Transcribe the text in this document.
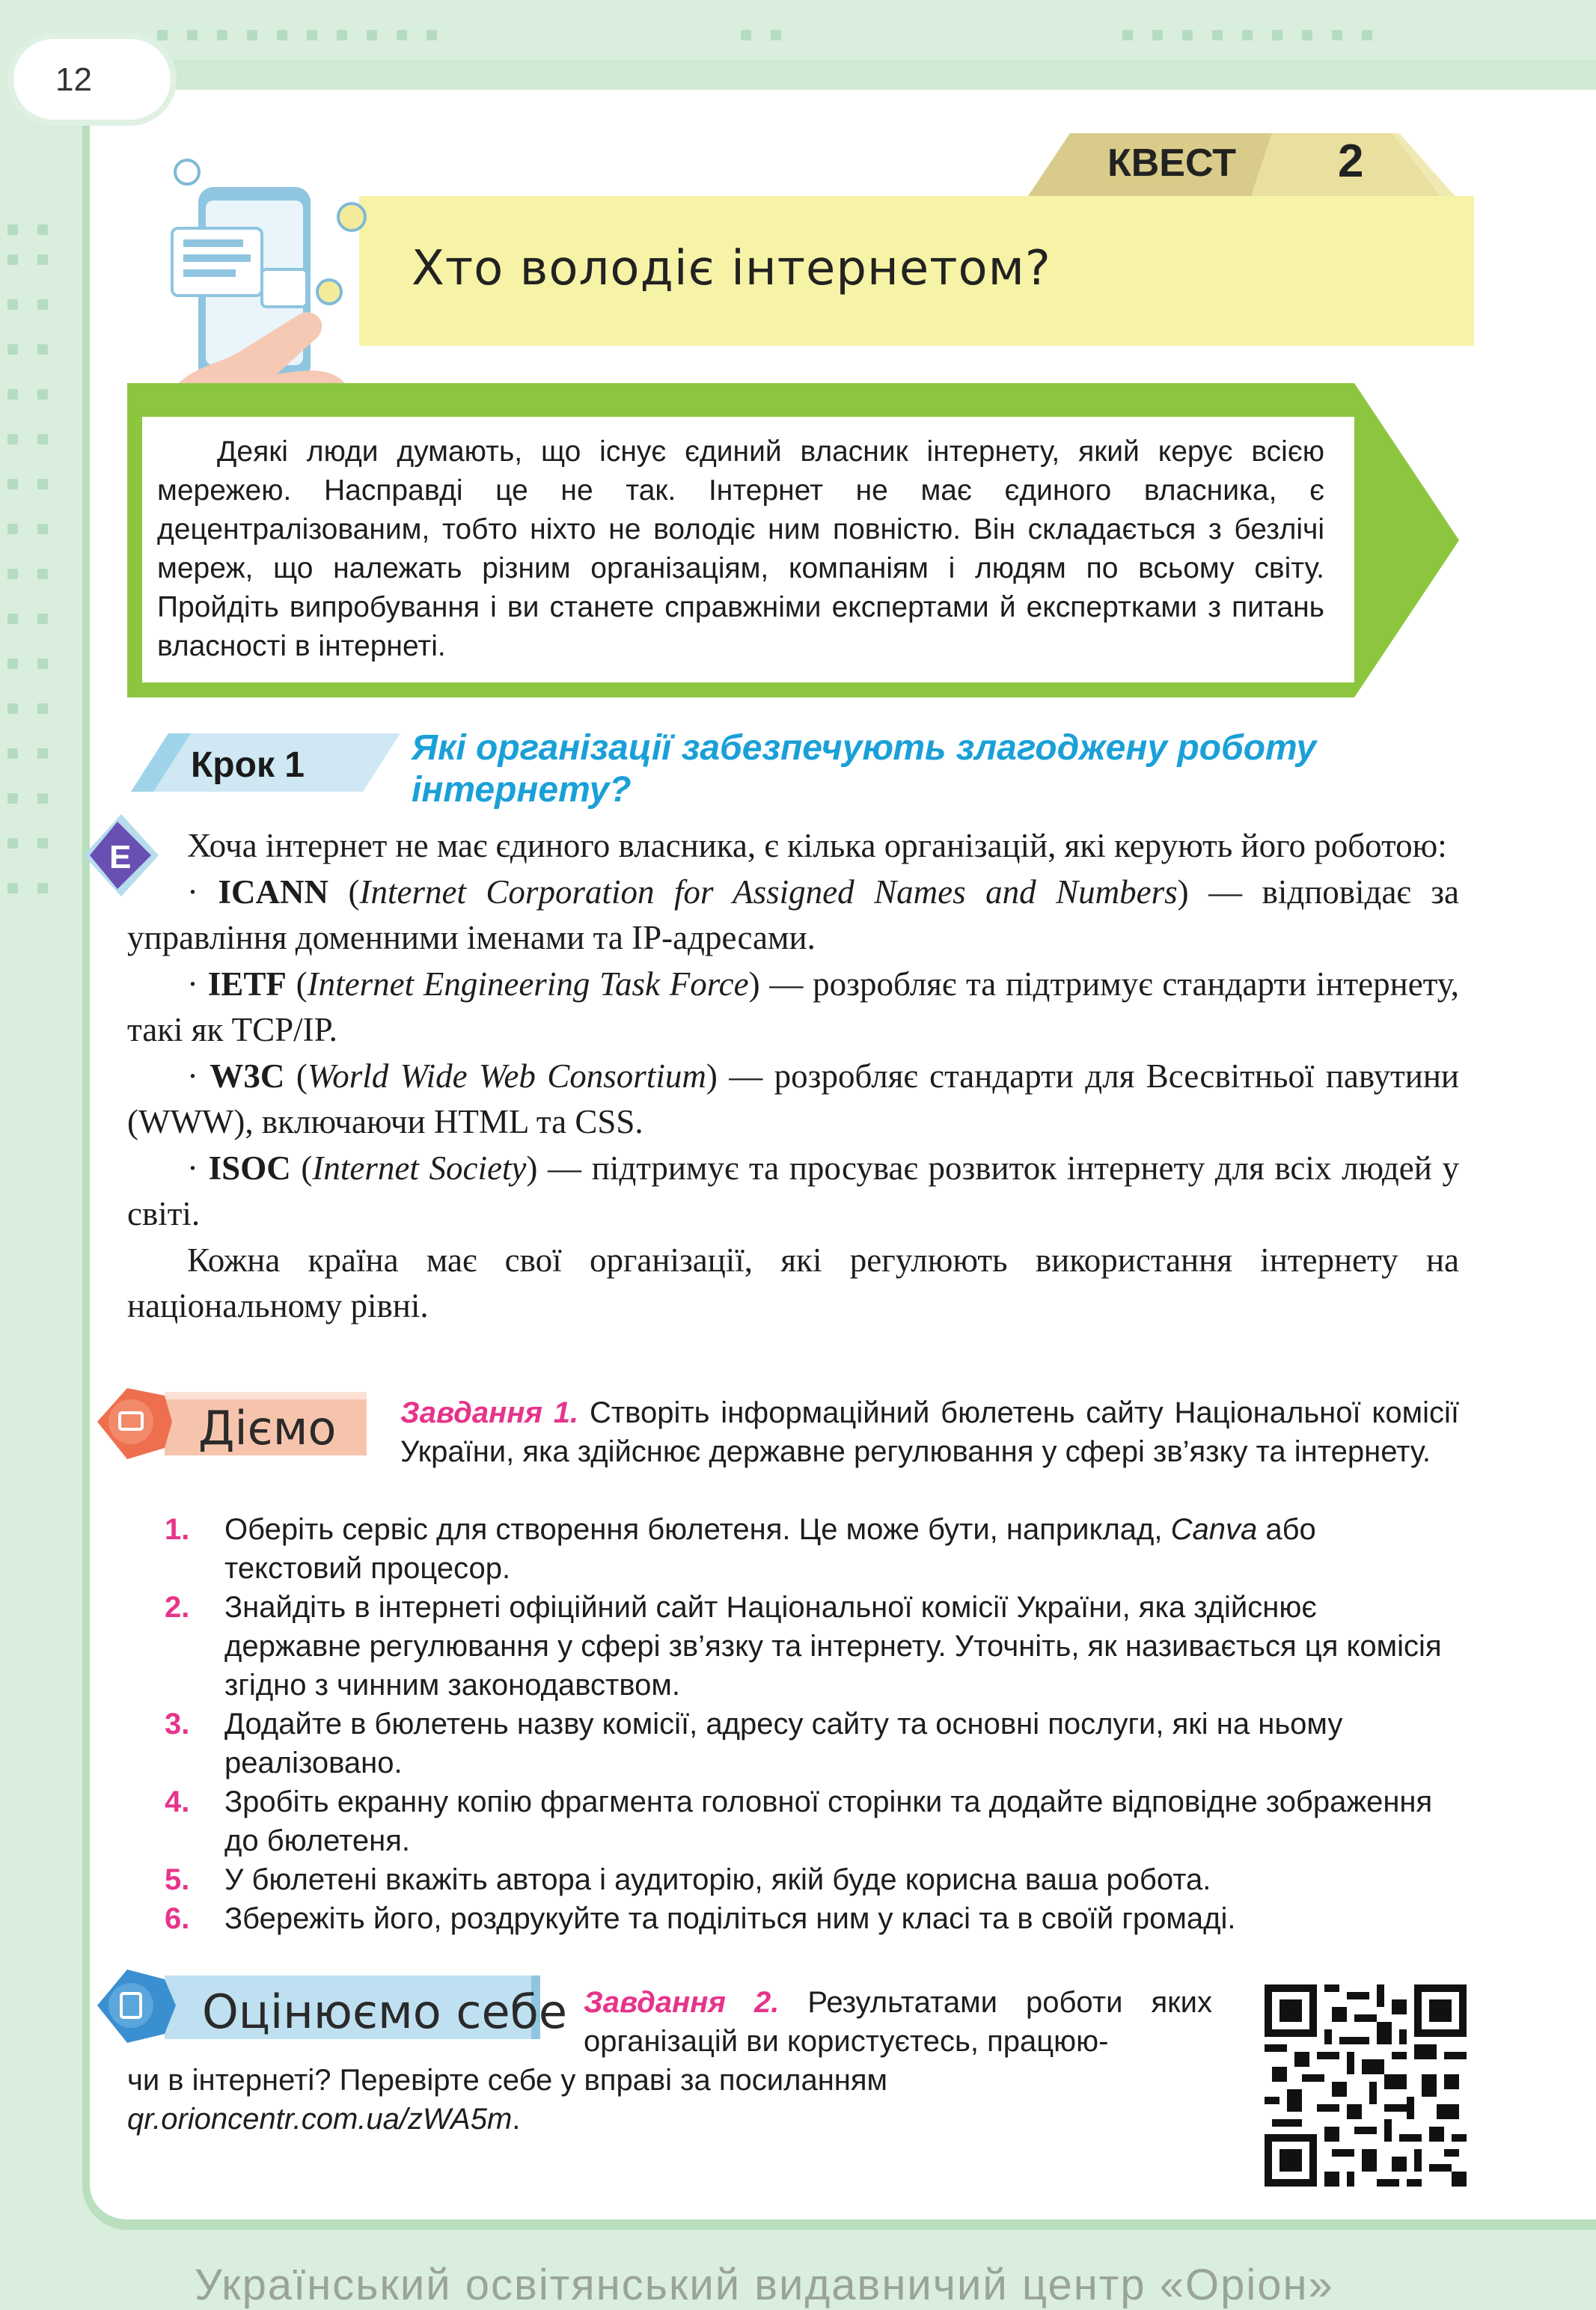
12
КВЕСТ 2
Хто володіє інтернетом?
Деякі люди думають, що існує єдиний власник інтернету, який керує всією мережею. Насправді це не так. Інтернет не має єдиного власника, є децентралізованим, тобто ніхто не володіє ним повністю. Він складається з безлічі мереж, що належать різним організаціям, компаніям і людям по всьому світу. Пройдіть випробування і ви станете справжніми експертами й експертками з питань власності в інтернеті.
Крок 1	Які організації забезпечують злагоджену роботу інтернету?
E	Хоча інтернет не має єдиного власника, є кілька організацій, які керують його роботою:

· ICANN (Internet Corporation for Assigned Names and Numbers) — відповідає за управління доменними іменами та IP-адресами.

· IETF (Internet Engineering Task Force) — розробляє та підтримує стандарти інтернету, такі як TCP/IP.

· W3C (World Wide Web Consortium) — розробляє стандарти для Всесвітньої павутини (WWW), включаючи HTML та CSS.

· ISOC (Internet Society) — підтримує та просуває розвиток інтернету для всіх людей у світі.

Кожна країна має свої організації, які регулюють використання інтернету на національному рівні.

Діємо Завдання 1. Створіть інформаційний бюлетень сайту Національної комісії України, яка здійснює державне регулювання у сфері зв’язку та інтернету.
1. Оберіть сервіс для створення бюлетеня. Це може бути, наприклад, Canva або текстовий процесор.
2. Знайдіть в інтернеті офіційний сайт Національної комісії України, яка здійснює державне регулювання у сфері зв’язку та інтернету. Уточніть, як називається ця комісія згідно з чинним законодавством.
3. Додайте в бюлетень назву комісії, адресу сайту та основні послуги, які на ньому реалізовано.
4. Зробіть екранну копію фрагмента головної сторінки та додайте відповідне зображення до бюлетеня.
5. У бюлетені вкажіть автора і аудиторію, якій буде корисна ваша робота.
6. Збережіть його, роздрукуйте та поділіться ним у класі та в своїй громаді.
Оцінюємо себе Завдання 2. Результатами роботи яких організацій ви користуєтесь, працюю-
чи в інтернеті? Перевірте себе у вправі за посиланням qr.orioncentr.com.ua/zWA5m.
Український освітянський видавничий центр «Оріон»
